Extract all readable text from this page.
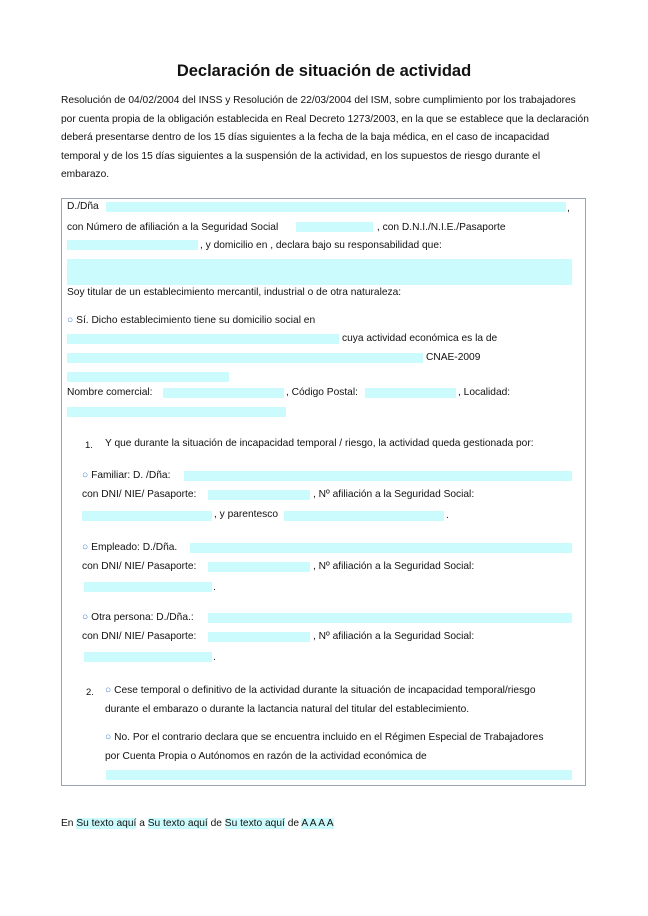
Declaración de situación de actividad
Resolución de 04/02/2004 del INSS y Resolución de 22/03/2004 del ISM, sobre cumplimiento por los trabajadores por cuenta propia de la obligación establecida en Real Decreto 1273/2003, en la que se establece que la declaración deberá presentarse dentro de los 15 días siguientes a la fecha de la baja médica, en el caso de incapacidad temporal y de los 15 días siguientes a la suspensión de la actividad, en los supuestos de riesgo durante el embarazo.
D./Dña	,
con Número de afiliación a la Seguridad Social	, con D.N.I./N.I.E./Pasaporte
, y domicilio en , declara bajo su responsabilidad que:
Soy titular de un establecimiento mercantil, industrial o de otra naturaleza:
○ Sí. Dicho establecimiento tiene su domicilio social en
cuya actividad económica es la de
CNAE-2009
Nombre comercial:	, Código Postal:	, Localidad:
1. Y que durante la situación de incapacidad temporal / riesgo, la actividad queda gestionada por:
○ Familiar: D. /Dña:
con DNI/ NIE/ Pasaporte:	, Nº afiliación a la Seguridad Social:
, y parentesco	.
○ Empleado: D./Dña.
con DNI/ NIE/ Pasaporte:	, Nº afiliación a la Seguridad Social:
.
○ Otra persona: D./Dña.:
con DNI/ NIE/ Pasaporte:	, Nº afiliación a la Seguridad Social:
.
2. ○ Cese temporal o definitivo de la actividad durante la situación de incapacidad temporal/riesgo
durante el embarazo o durante la lactancia natural del titular del establecimiento.
○ No. Por el contrario declara que se encuentra incluido en el Régimen Especial de Trabajadores
por Cuenta Propia o Autónomos en razón de la actividad económica de
En Su texto aquí a Su texto aquí de Su texto aquí de A A A A
